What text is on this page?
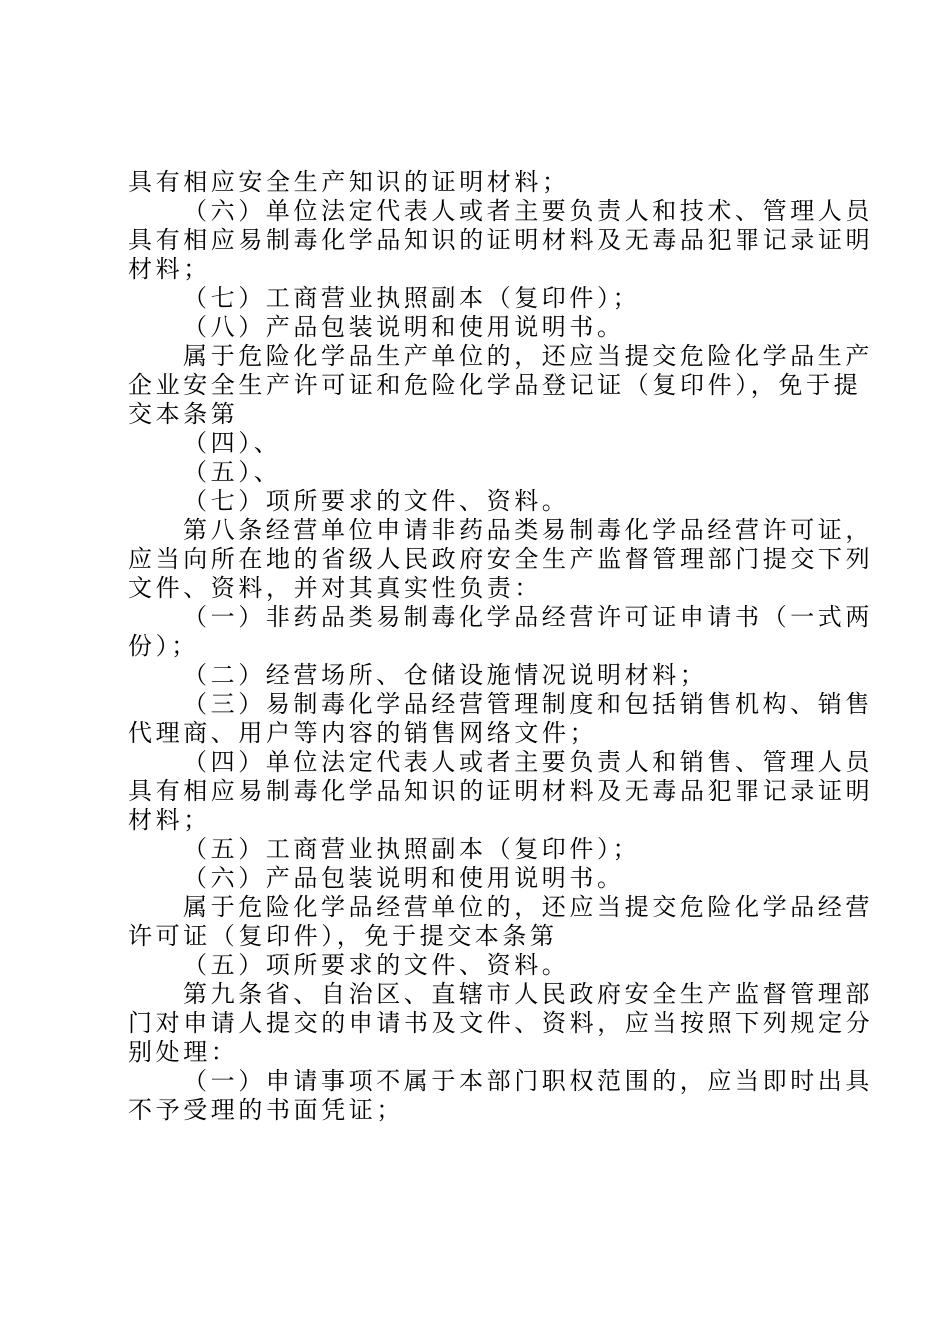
具有相应安全生产知识的证明材料；
（六）单位法定代表人或者主要负责人和技术、管理人员
具有相应易制毒化学品知识的证明材料及无毒品犯罪记录证明
材料；
（七）工商营业执照副本（复印件）；
（八）产品包装说明和使用说明书。
属于危险化学品生产单位的，还应当提交危险化学品生产
企业安全生产许可证和危险化学品登记证（复印件），免于提
交本条第
（四）、
（五）、
（七）项所要求的文件、资料。
第八条经营单位申请非药品类易制毒化学品经营许可证，
应当向所在地的省级人民政府安全生产监督管理部门提交下列
文件、资料，并对其真实性负责：
（一）非药品类易制毒化学品经营许可证申请书（一式两
份）；
（二）经营场所、仓储设施情况说明材料；
（三）易制毒化学品经营管理制度和包括销售机构、销售
代理商、用户等内容的销售网络文件；
（四）单位法定代表人或者主要负责人和销售、管理人员
具有相应易制毒化学品知识的证明材料及无毒品犯罪记录证明
材料；
（五）工商营业执照副本（复印件）；
（六）产品包装说明和使用说明书。
属于危险化学品经营单位的，还应当提交危险化学品经营
许可证（复印件），免于提交本条第
（五）项所要求的文件、资料。
第九条省、自治区、直辖市人民政府安全生产监督管理部
门对申请人提交的申请书及文件、资料，应当按照下列规定分
别处理：
（一）申请事项不属于本部门职权范围的，应当即时出具
不予受理的书面凭证；
